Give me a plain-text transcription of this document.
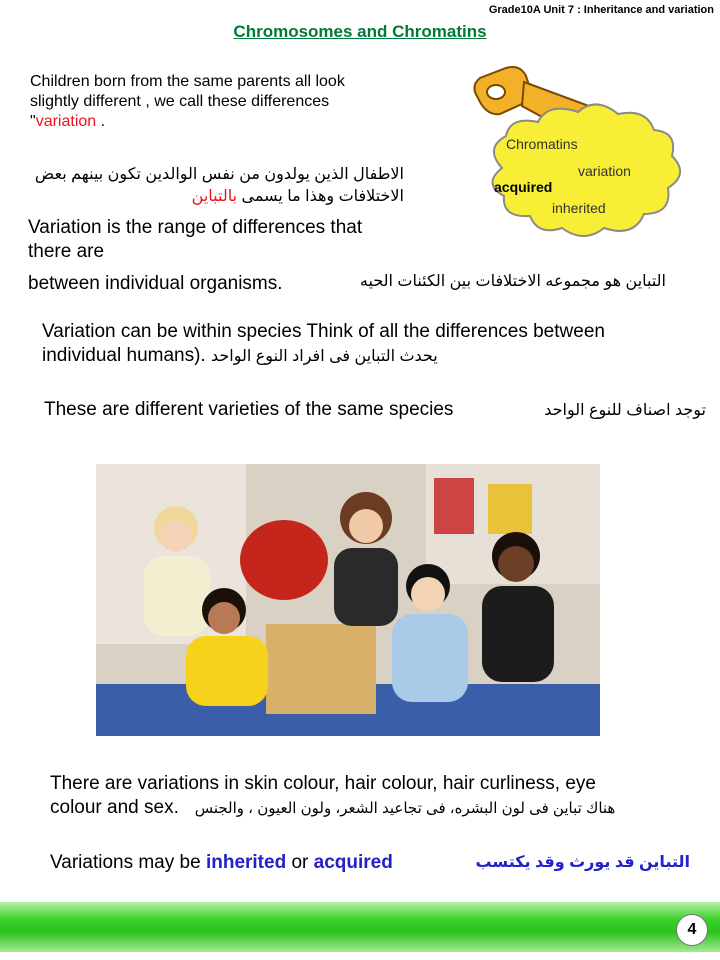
Grade10A Unit 7 : Inheritance and variation
Chromosomes and Chromatins
Children born from the same parents all look
slightly different , we call these differences
"variation .
الاطفال الذين يولدون من نفس الوالدين تكون بينهم بعض
الاختلافات وهذا ما يسمى بالتباين
Variation is the range of differences that
there are
between individual organisms.	التباين هو مجموعه الاختلافات بين الكئنات الحيه
Chromatins
variation
acquired
inherited
Variation can be within species Think of all the differences between
individual humans). يحدث التباين فى افراد النوع الواحد
These are different varieties of the same species	توجد اصناف للنوع الواحد
There are variations in skin colour, hair colour, hair curliness, eye
colour and sex. هناك تباين فى لون البشره، فى تجاعيد الشعر، ولون العيون ، والجنس
Variations may be inherited or acquired	التباين قد يورث وقد يكتسب
4
